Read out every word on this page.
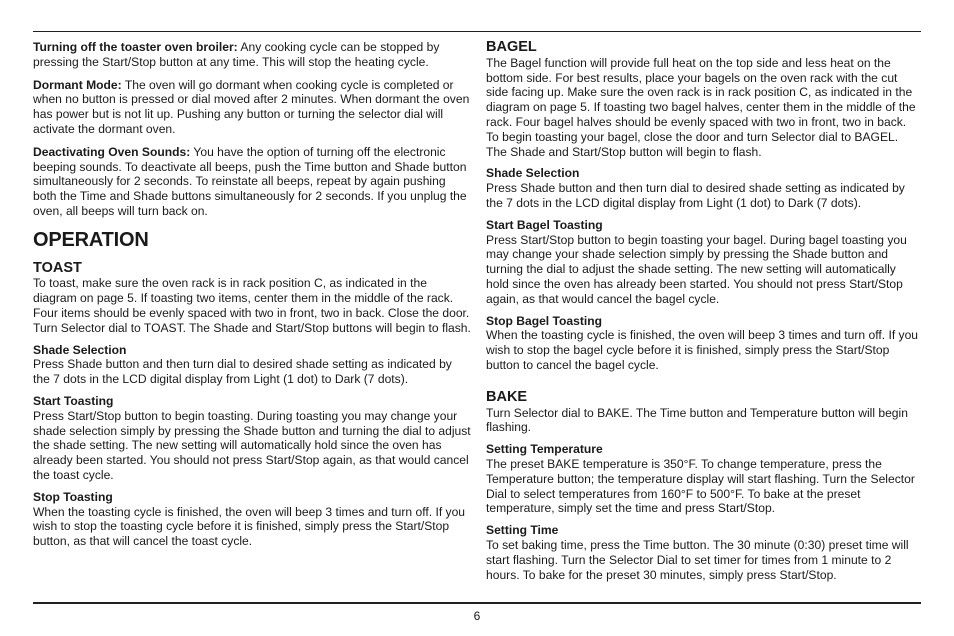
Turning off the toaster oven broiler: Any cooking cycle can be stopped by pressing the Start/Stop button at any time. This will stop the heating cycle.

Dormant Mode: The oven will go dormant when cooking cycle is completed or when no button is pressed or dial moved after 2 minutes. When dormant the oven has power but is not lit up. Pushing any button or turning the selector dial will activate the dormant oven.

Deactivating Oven Sounds: You have the option of turning off the electronic beeping sounds. To deactivate all beeps, push the Time button and Shade button simultaneously for 2 seconds. To reinstate all beeps, repeat by again pushing both the Time and Shade buttons simultaneously for 2 seconds. If you unplug the oven, all beeps will turn back on.

OPERATION
TOAST
To toast, make sure the oven rack is in rack position C, as indicated in the diagram on page 5. If toasting two items, center them in the middle of the rack. Four items should be evenly spaced with two in front, two in back. Close the door. Turn Selector dial to TOAST. The Shade and Start/Stop buttons will begin to flash.
Shade Selection
Press Shade button and then turn dial to desired shade setting as indicated by the 7 dots in the LCD digital display from Light (1 dot) to Dark (7 dots).
Start Toasting
Press Start/Stop button to begin toasting. During toasting you may change your shade selection simply by pressing the Shade button and turning the dial to adjust the shade setting. The new setting will automatically hold since the oven has already been started. You should not press Start/Stop again, as that would cancel the toast cycle.
Stop Toasting
When the toasting cycle is finished, the oven will beep 3 times and turn off. If you wish to stop the toasting cycle before it is finished, simply press the Start/Stop button, as that will cancel the toast cycle.
BAGEL
The Bagel function will provide full heat on the top side and less heat on the bottom side. For best results, place your bagels on the oven rack with the cut side facing up. Make sure the oven rack is in rack position C, as indicated in the diagram on page 5. If toasting two bagel halves, center them in the middle of the rack. Four bagel halves should be evenly spaced with two in front, two in back. To begin toasting your bagel, close the door and turn Selector dial to BAGEL. The Shade and Start/Stop button will begin to flash.
Shade Selection
Press Shade button and then turn dial to desired shade setting as indicated by the 7 dots in the LCD digital display from Light (1 dot) to Dark (7 dots).
Start Bagel Toasting
Press Start/Stop button to begin toasting your bagel. During bagel toasting you may change your shade selection simply by pressing the Shade button and turning the dial to adjust the shade setting. The new setting will automatically hold since the oven has already been started. You should not press Start/Stop again, as that would cancel the bagel cycle.
Stop Bagel Toasting
When the toasting cycle is finished, the oven will beep 3 times and turn off. If you wish to stop the bagel cycle before it is finished, simply press the Start/Stop button to cancel the bagel cycle.
BAKE
Turn Selector dial to BAKE. The Time button and Temperature button will begin flashing.
Setting Temperature
The preset BAKE temperature is 350°F. To change temperature, press the Temperature button; the temperature display will start flashing. Turn the Selector Dial to select temperatures from 160°F to 500°F. To bake at the preset temperature, simply set the time and press Start/Stop.
Setting Time
To set baking time, press the Time button. The 30 minute (0:30) preset time will start flashing. Turn the Selector Dial to set timer for times from 1 minute to 2 hours. To bake for the preset 30 minutes, simply press Start/Stop.
6
